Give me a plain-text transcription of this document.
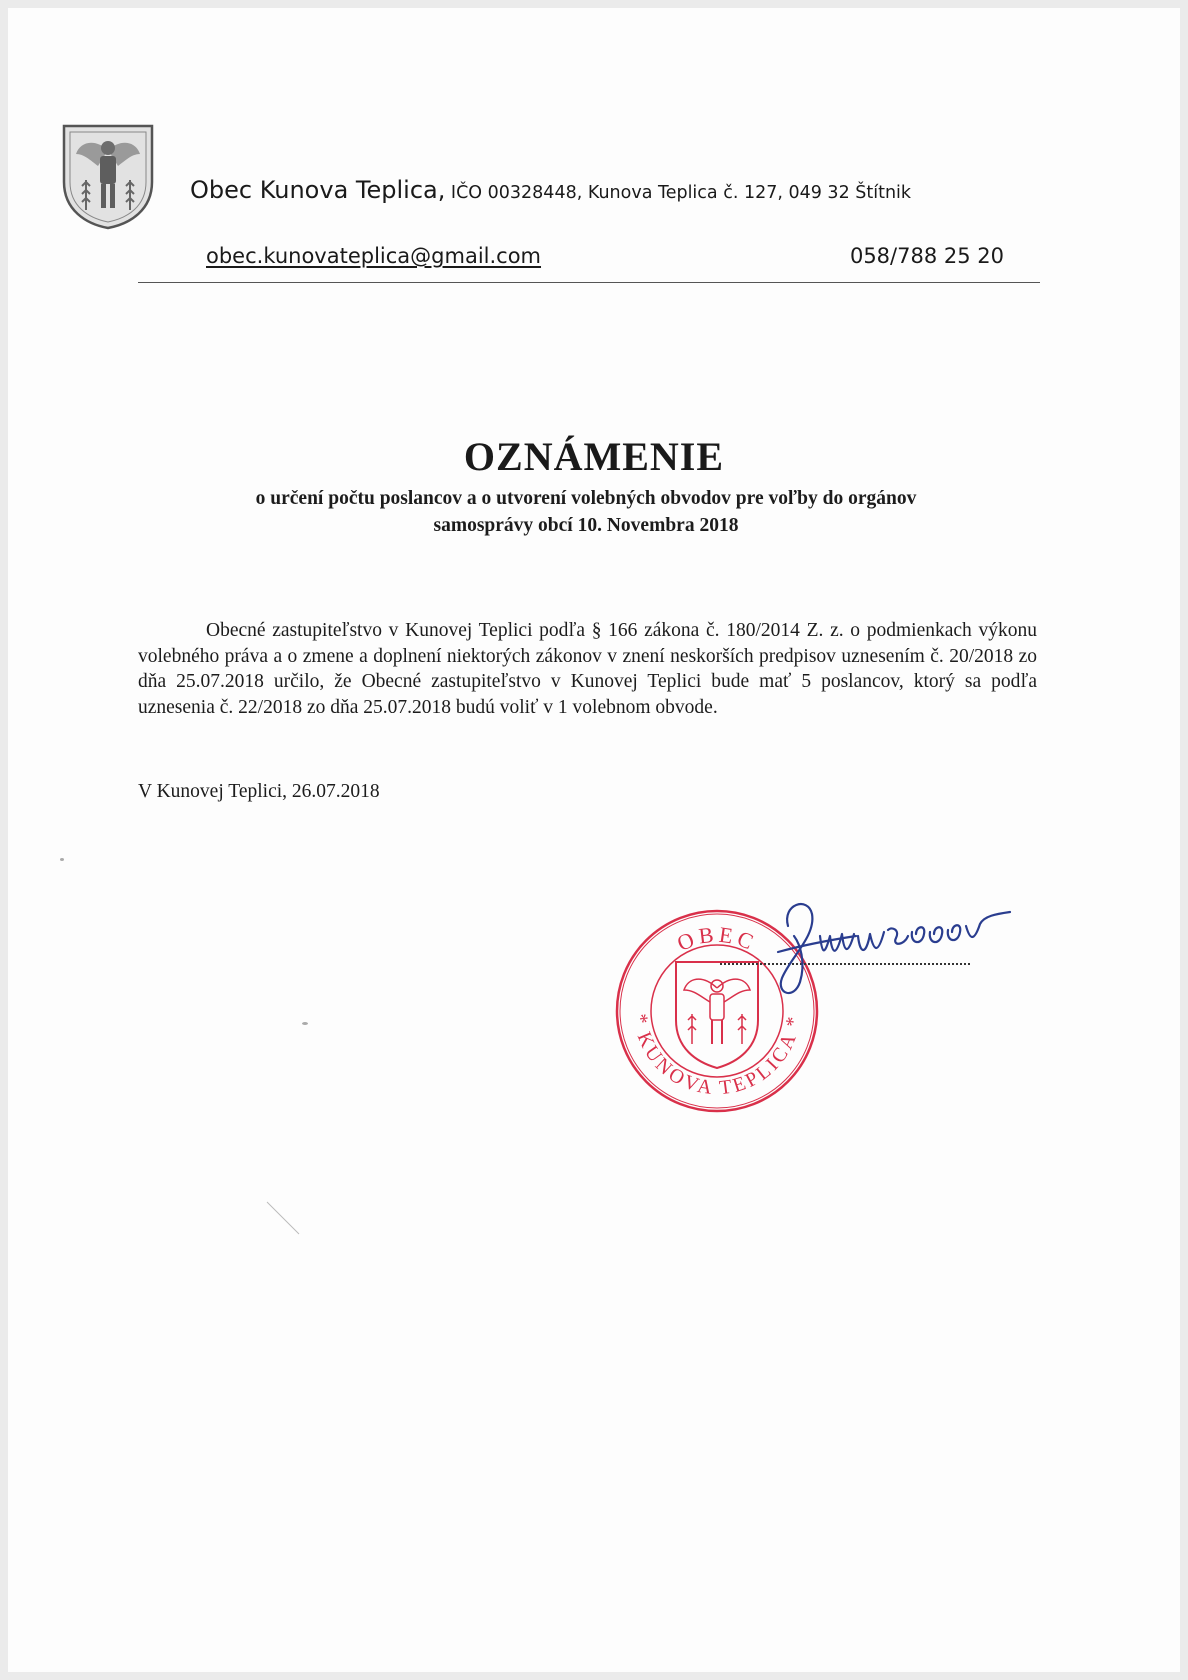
Obec Kunova Teplica, IČO 00328448, Kunova Teplica č. 127, 049 32 Štítnik
obec.kunovateplica@gmail.com	058/788 25 20
OZNÁMENIE
o určení počtu poslancov a o utvorení volebných obvodov pre voľby do orgánov
samosprávy obcí 10. Novembra 2018

Obecné zastupiteľstvo v Kunovej Teplici podľa § 166 zákona č. 180/2014 Z. z. o podmienkach výkonu volebného práva a o zmene a doplnení niektorých zákonov v znení neskorších predpisov uznesením č. 20/2018 zo dňa 25.07.2018 určilo, že Obecné zastupiteľstvo v Kunovej Teplici bude mať 5 poslancov, ktorý sa podľa uznesenia č. 22/2018 zo dňa 25.07.2018 budú voliť v 1 volebnom obvode.

V Kunovej Teplici, 26.07.2018
OBEC
* KUNOVA TEPLICA *
